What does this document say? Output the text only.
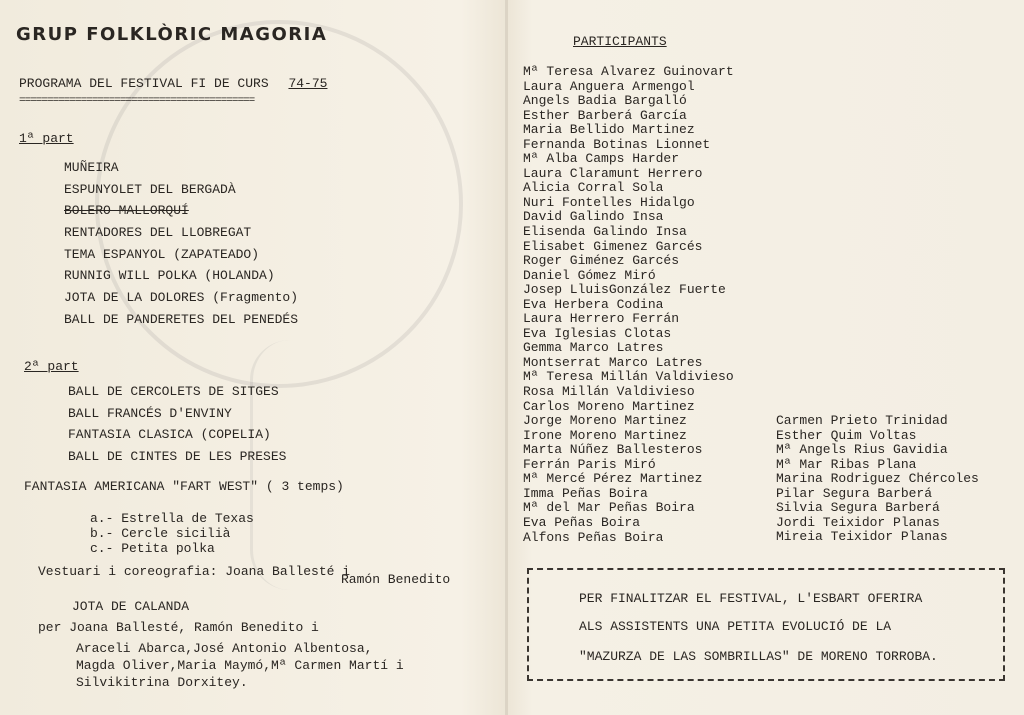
GRUP FOLKLÒRIC MAGORIA
PROGRAMA DEL FESTIVAL FI DE CURS 74-75
==========================================
1ª part
MUÑEIRA
ESPUNYOLET DEL BERGADÀ
BOLERO MALLORQUÍ
RENTADORES DEL LLOBREGAT
TEMA ESPANYOL (ZAPATEADO)
RUNNIG WILL POLKA (HOLANDA)
JOTA DE LA DOLORES (Fragmento)
BALL DE PANDERETES DEL PENEDÉS
2ª part
BALL DE CERCOLETS DE SITGES
BALL FRANCÉS D'ENVINY
FANTASIA CLASICA (COPELIA)
BALL DE CINTES DE LES PRESES
FANTASIA AMERICANA "FART WEST" ( 3 temps)
a.- Estrella de Texas
b.- Cercle sicilià
c.- Petita polka
Vestuari i coreografia: Joana Ballesté i
Ramón Benedito
JOTA DE CALANDA
per Joana Ballesté, Ramón Benedito i
Araceli Abarca,José Antonio Albentosa,
Magda Oliver,Maria Maymó,Mª Carmen Martí i
Silvikitrina Dorxitey.
PARTICIPANTS
Mª Teresa Alvarez Guinovart
Laura Anguera Armengol
Angels Badia Bargalló
Esther Barberá García
Maria Bellido Martinez
Fernanda Botinas Lionnet
Mª Alba Camps Harder
Laura Claramunt Herrero
Alicia Corral Sola
Nuri Fontelles Hidalgo
David Galindo Insa
Elisenda Galindo Insa
Elisabet Gimenez Garcés
Roger Giménez Garcés
Daniel Gómez Miró
Josep LluisGonzález Fuerte
Eva Herbera Codina
Laura Herrero Ferrán
Eva Iglesias Clotas
Gemma Marco Latres
Montserrat Marco Latres
Mª Teresa Millán Valdivieso
Rosa Millán Valdivieso
Carlos Moreno Martinez
Jorge Moreno Martinez
Irone Moreno Martinez
Marta Núñez Ballesteros
Ferrán Paris Miró
Mª Mercé Pérez Martinez
Imma Peñas Boira
Mª del Mar Peñas Boira
Eva Peñas Boira
Alfons Peñas Boira
Carmen Prieto Trinidad
Esther Quim Voltas
Mª Angels Rius Gavidia
Mª Mar Ribas Plana
Marina Rodriguez Chércoles
Pilar Segura Barberá
Silvia Segura Barberá
Jordi Teixidor Planas
Mireia Teixidor Planas
PER FINALITZAR EL FESTIVAL, L'ESBART OFERIRA
ALS ASSISTENTS UNA PETITA EVOLUCIÓ DE LA
"MAZURZA DE LAS SOMBRILLAS" DE MORENO TORROBA.
